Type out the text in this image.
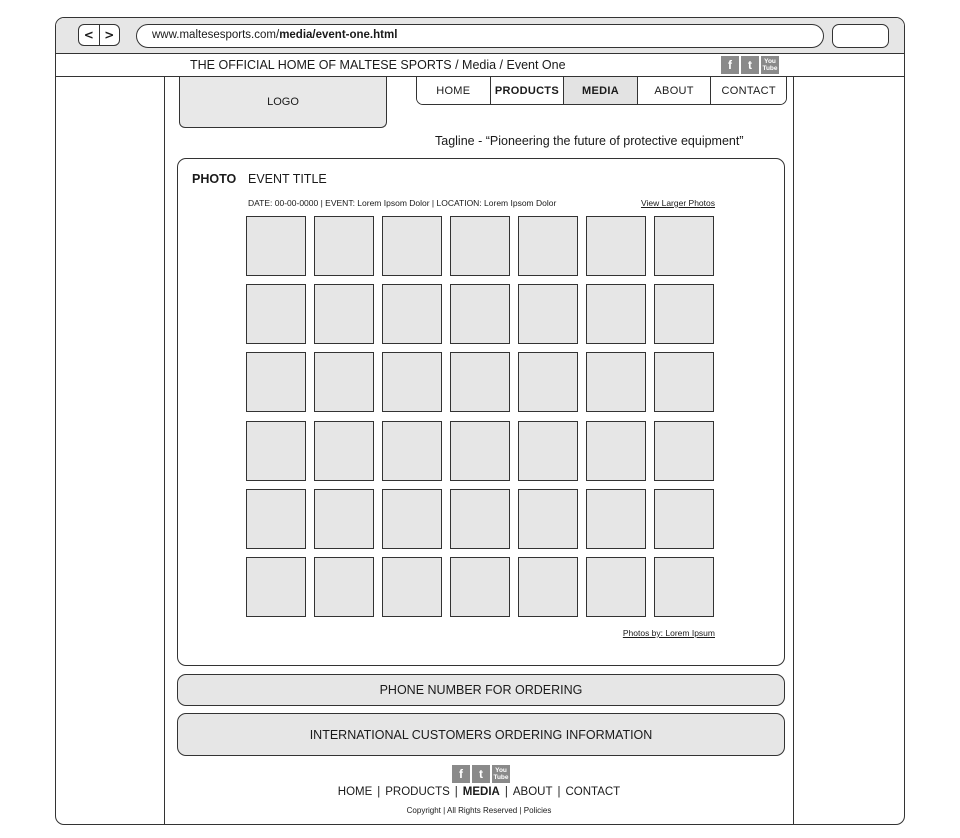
< >	www.maltesesports.com/media/event-one.html
THE OFFICIAL HOME OF MALTESE SPORTS / Media / Event One	f	t	You
Tube
LOGO
HOME	PRODUCTS	MEDIA	ABOUT	CONTACT
Tagline - “Pioneering the future of protective equipment”
PHOTO EVENT TITLE
DATE: 00-00-0000 | EVENT: Lorem Ipsom Dolor | LOCATION: Lorem Ipsom Dolor	View Larger Photos
Photos by: Lorem Ipsum
PHONE NUMBER FOR ORDERING
INTERNATIONAL CUSTOMERS ORDERING INFORMATION
f	t	You
Tube
HOME | PRODUCTS | MEDIA | ABOUT | CONTACT
Copyright | All Rights Reserved | Policies
